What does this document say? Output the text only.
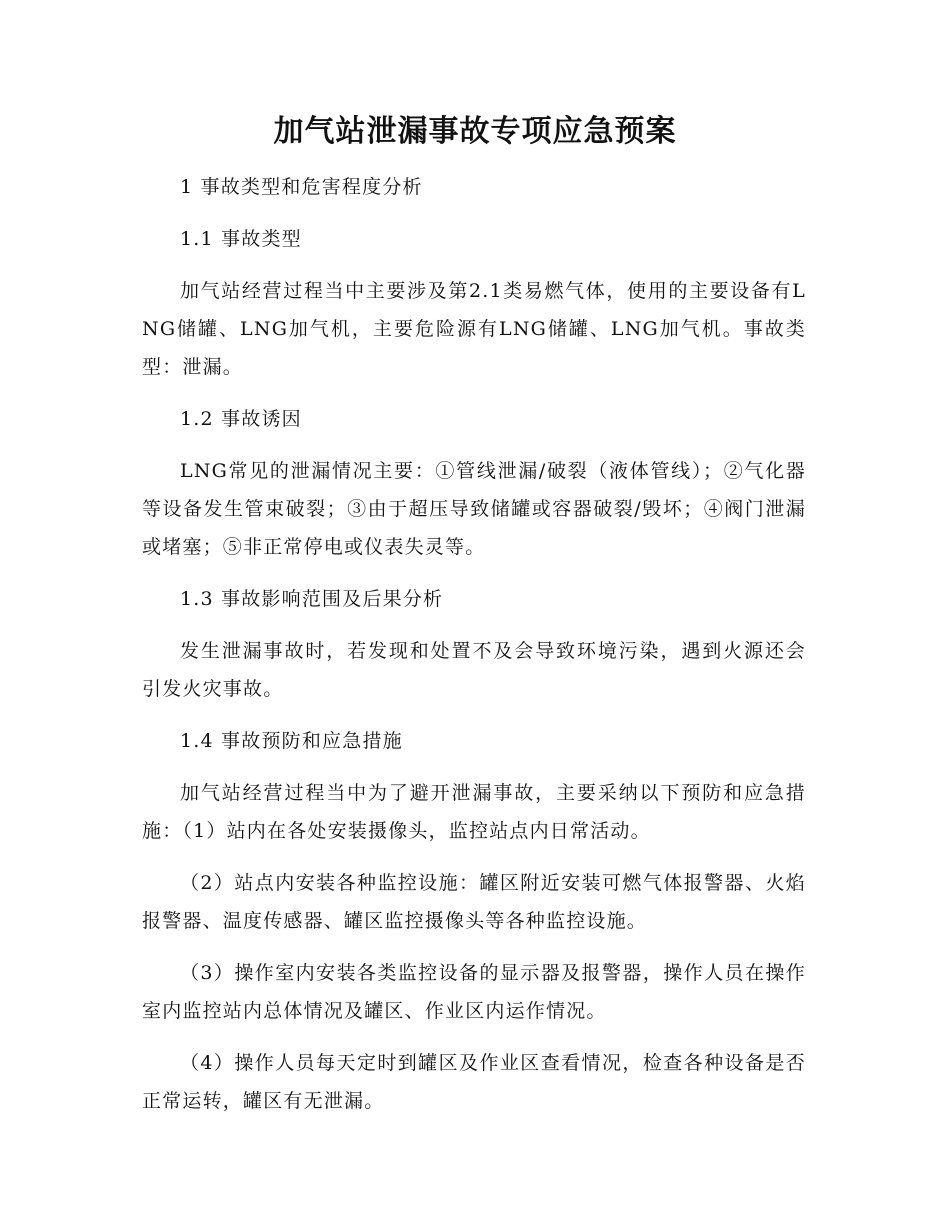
加气站泄漏事故专项应急预案

1 事故类型和危害程度分析

1.1 事故类型

加气站经营过程当中主要涉及第2.1类易燃气体，使用的主要设备有LNG储罐、LNG加气机，主要危险源有LNG储罐、LNG加气机。事故类型：泄漏。

1.2 事故诱因

LNG常见的泄漏情况主要：①管线泄漏/破裂（液体管线）；②气化器等设备发生管束破裂；③由于超压导致储罐或容器破裂/毁坏；④阀门泄漏或堵塞；⑤非正常停电或仪表失灵等。

1.3 事故影响范围及后果分析

发生泄漏事故时，若发现和处置不及会导致环境污染，遇到火源还会引发火灾事故。

1.4 事故预防和应急措施

加气站经营过程当中为了避开泄漏事故，主要采纳以下预防和应急措施：（1）站内在各处安装摄像头，监控站点内日常活动。

（2）站点内安装各种监控设施：罐区附近安装可燃气体报警器、火焰报警器、温度传感器、罐区监控摄像头等各种监控设施。

（3）操作室内安装各类监控设备的显示器及报警器，操作人员在操作室内监控站内总体情况及罐区、作业区内运作情况。

（4）操作人员每天定时到罐区及作业区查看情况，检查各种设备是否正常运转，罐区有无泄漏。
